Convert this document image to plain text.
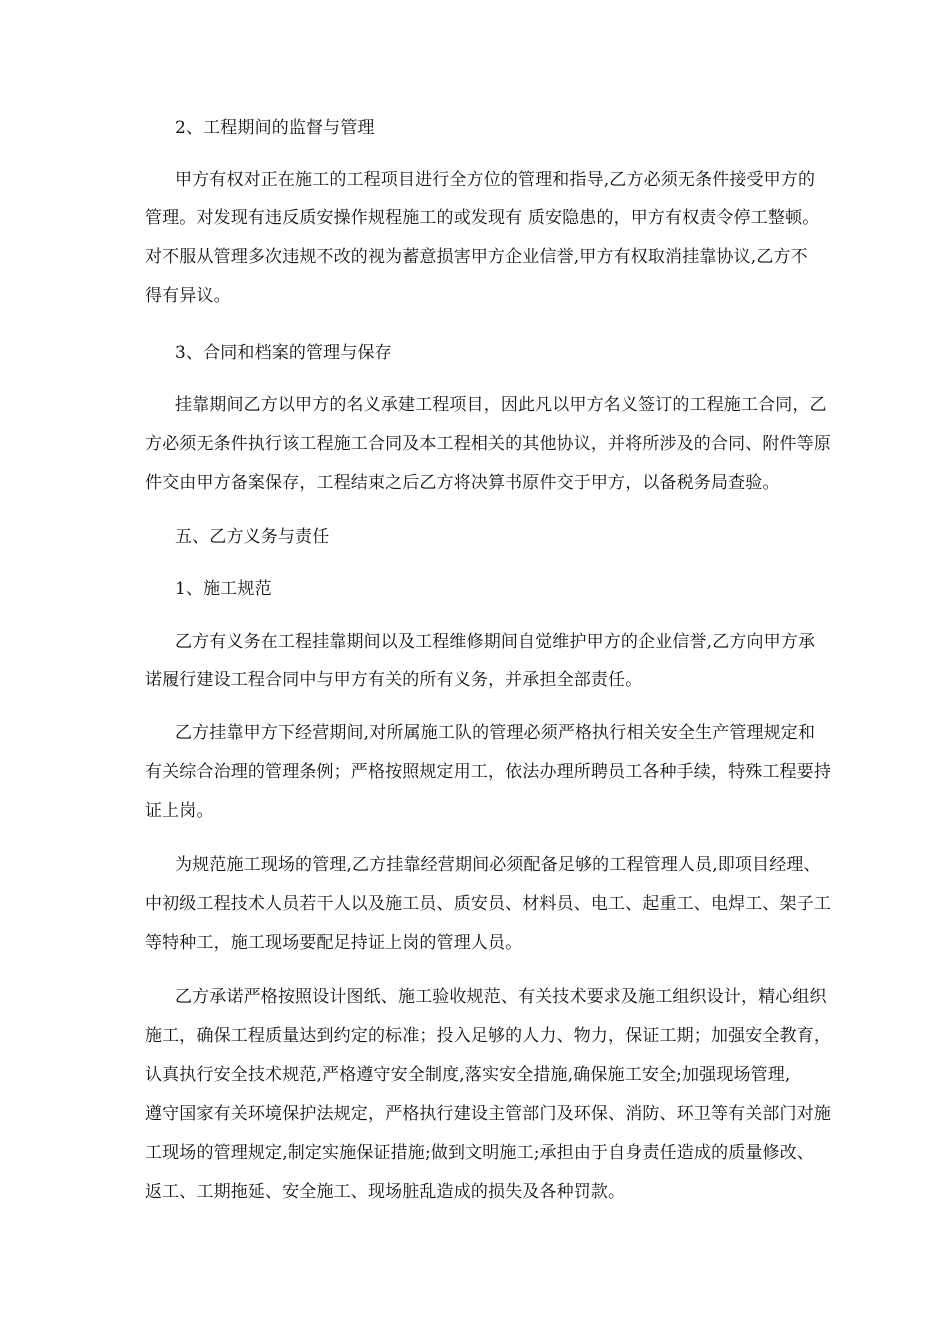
2、工程期间的监督与管理
甲方有权对正在施工的工程项目进行全方位的管理和指导,乙方必须无条件接受甲方的
管理。对发现有违反质安操作规程施工的或发现有 质安隐患的，甲方有权责令停工整顿。
对不服从管理多次违规不改的视为蓄意损害甲方企业信誉,甲方有权取消挂靠协议,乙方不
得有异议。
3、合同和档案的管理与保存
挂靠期间乙方以甲方的名义承建工程项目，因此凡以甲方名义签订的工程施工合同，乙
方必须无条件执行该工程施工合同及本工程相关的其他协议，并将所涉及的合同、附件等原
件交由甲方备案保存，工程结束之后乙方将决算书原件交于甲方，以备税务局查验。
五、乙方义务与责任
1、施工规范
乙方有义务在工程挂靠期间以及工程维修期间自觉维护甲方的企业信誉,乙方向甲方承
诺履行建设工程合同中与甲方有关的所有义务，并承担全部责任。
乙方挂靠甲方下经营期间,对所属施工队的管理必须严格执行相关安全生产管理规定和
有关综合治理的管理条例；严格按照规定用工，依法办理所聘员工各种手续，特殊工程要持
证上岗。
为规范施工现场的管理,乙方挂靠经营期间必须配备足够的工程管理人员,即项目经理、
中初级工程技术人员若干人以及施工员、质安员、材料员、电工、起重工、电焊工、架子工
等特种工，施工现场要配足持证上岗的管理人员。
乙方承诺严格按照设计图纸、施工验收规范、有关技术要求及施工组织设计，精心组织
施工，确保工程质量达到约定的标准；投入足够的人力、物力，保证工期；加强安全教育，
认真执行安全技术规范,严格遵守安全制度,落实安全措施,确保施工安全;加强现场管理,
遵守国家有关环境保护法规定，严格执行建设主管部门及环保、消防、环卫等有关部门对施
工现场的管理规定,制定实施保证措施;做到文明施工;承担由于自身责任造成的质量修改、
返工、工期拖延、安全施工、现场脏乱造成的损失及各种罚款。
